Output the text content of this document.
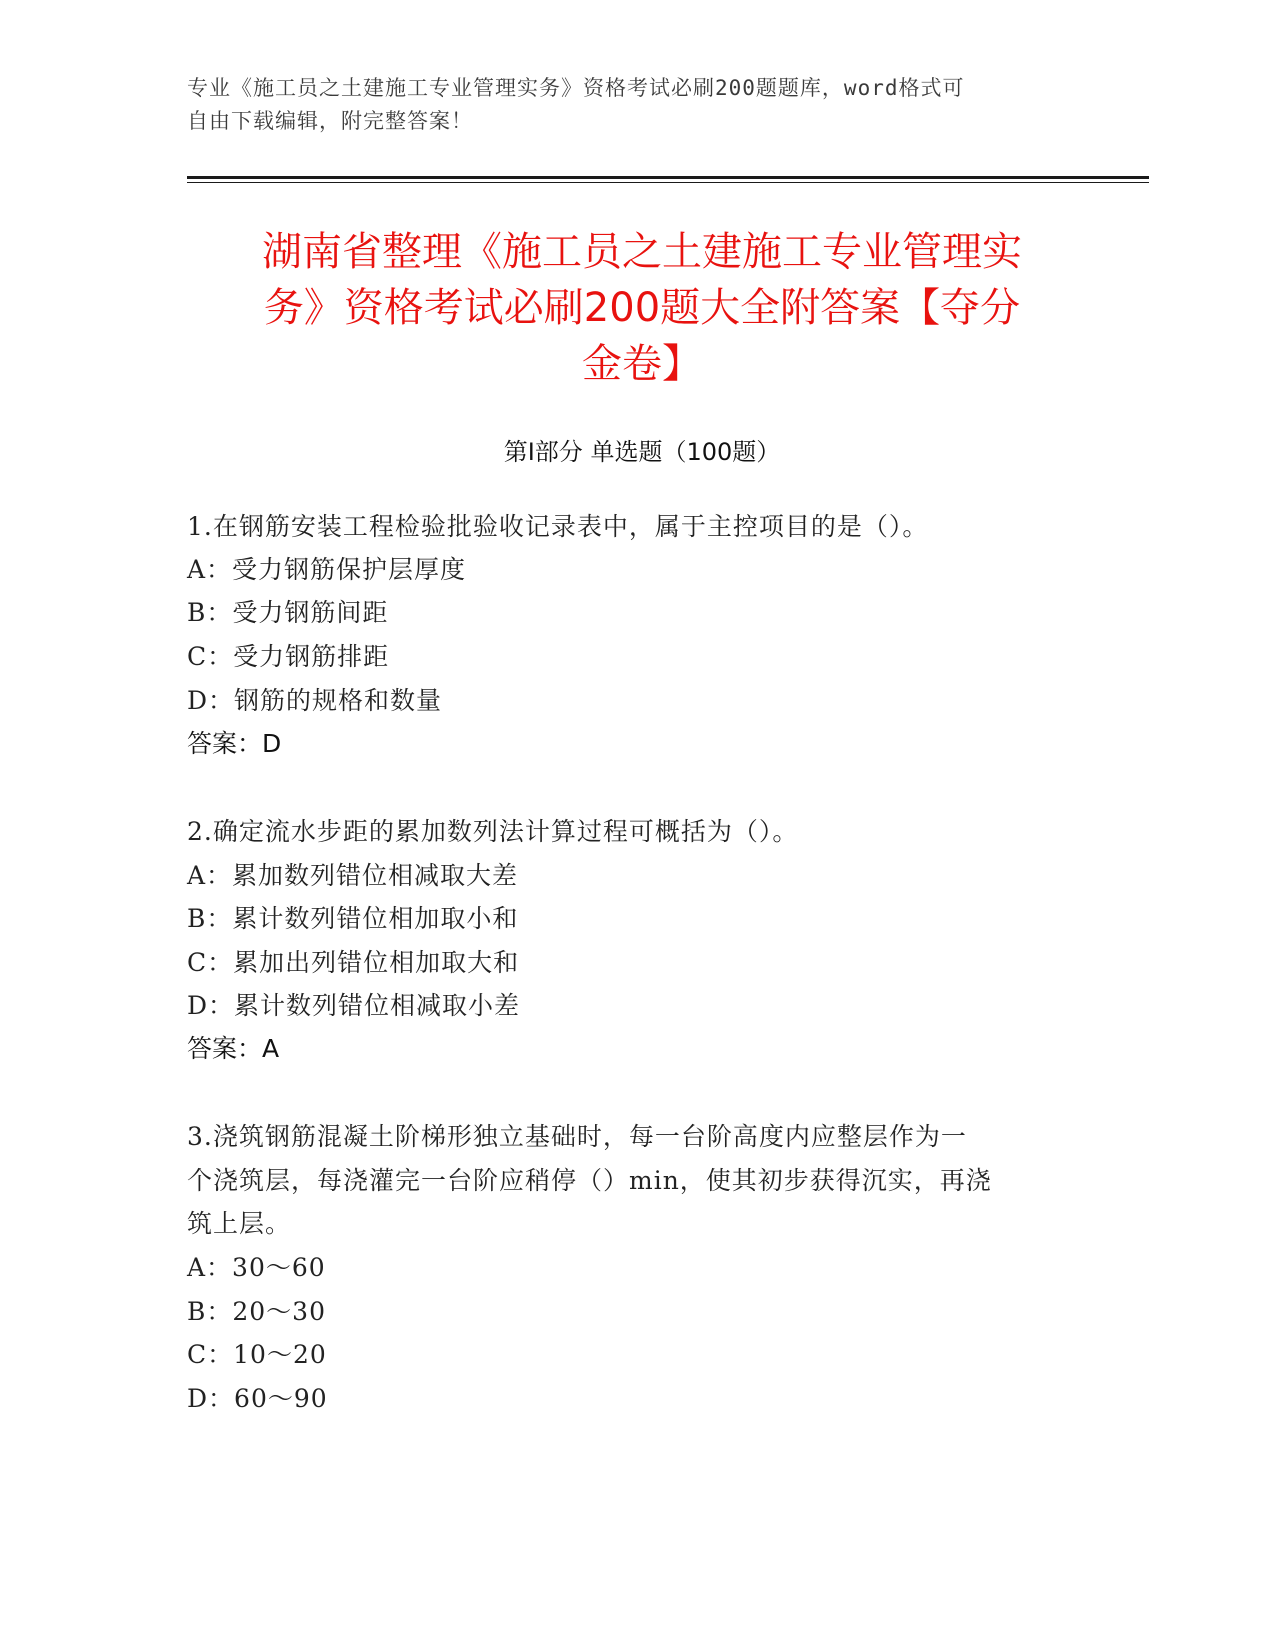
专业《施工员之土建施工专业管理实务》资格考试必刷200题题库，word格式可
自由下载编辑，附完整答案！
湖南省整理《施工员之土建施工专业管理实
务》资格考试必刷200题大全附答案【夺分
金卷】
第Ⅰ部分 单选题（100题）
1.在钢筋安装工程检验批验收记录表中，属于主控项目的是（）。
A：受力钢筋保护层厚度
B：受力钢筋间距
C：受力钢筋排距
D：钢筋的规格和数量
答案：D
2.确定流水步距的累加数列法计算过程可概括为（）。
A：累加数列错位相减取大差
B：累计数列错位相加取小和
C：累加出列错位相加取大和
D：累计数列错位相减取小差
答案：A
3.浇筑钢筋混凝土阶梯形独立基础时，每一台阶高度内应整层作为一
个浇筑层，每浇灌完一台阶应稍停（）min，使其初步获得沉实，再浇
筑上层。
A：30～60
B：20～30
C：10～20
D：60～90
